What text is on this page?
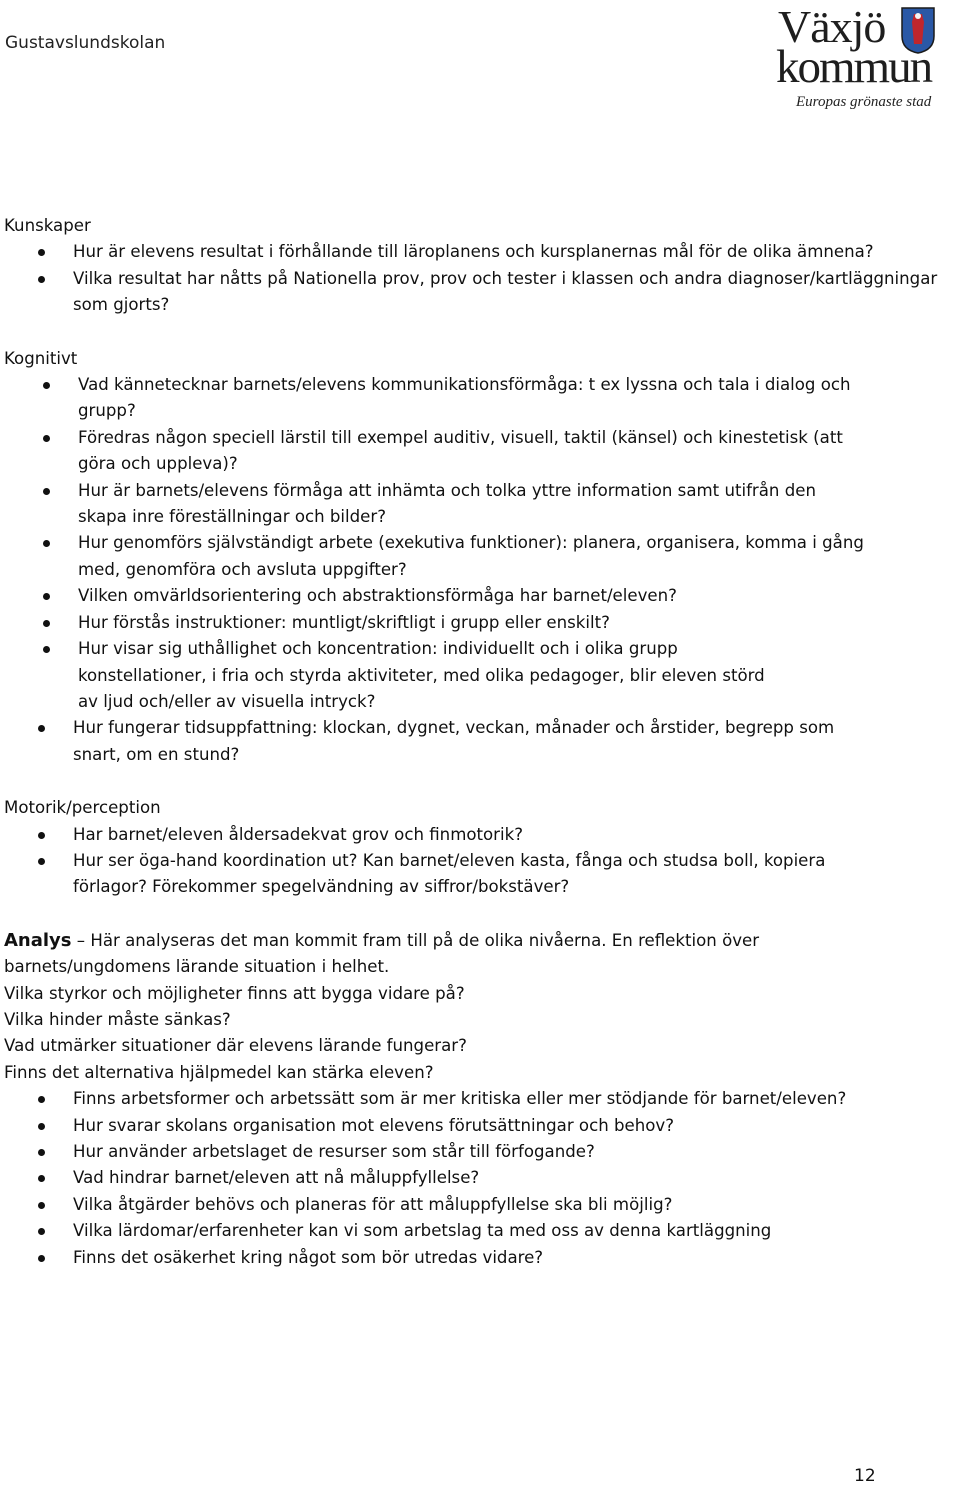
Gustavslundskolan	Växjö
kommun
Europas grönaste stad
Kunskaper
Hur är elevens resultat i förhållande till läroplanens och kursplanernas mål för de olika ämnena?
Vilka resultat har nåtts på Nationella prov, prov och tester i klassen och andra diagnoser/kartläggningar som gjorts?
Kognitivt
Vad kännetecknar barnets/elevens kommunikationsförmåga: t ex lyssna och tala i dialog och grupp?
Föredras någon speciell lärstil till exempel auditiv, visuell, taktil (känsel) och kinestetisk (att göra och uppleva)?
Hur är barnets/elevens förmåga att inhämta och tolka yttre information samt utifrån den skapa inre föreställningar och bilder?
Hur genomförs självständigt arbete (exekutiva funktioner): planera, organisera, komma i gång med, genomföra och avsluta uppgifter?
Vilken omvärldsorientering och abstraktionsförmåga har barnet/eleven?
Hur förstås instruktioner: muntligt/skriftligt i grupp eller enskilt?
Hur visar sig uthållighet och koncentration: individuellt och i olika grupp konstellationer, i fria och styrda aktiviteter, med olika pedagoger, blir eleven störd av ljud och/eller av visuella intryck?
Hur fungerar tidsuppfattning: klockan, dygnet, veckan, månader och årstider, begrepp som snart, om en stund?
Motorik/perception
Har barnet/eleven åldersadekvat grov och finmotorik?
Hur ser öga-hand koordination ut? Kan barnet/eleven kasta, fånga och studsa boll, kopiera förlagor? Förekommer spegelvändning av siffror/bokstäver?
Analys – Här analyseras det man kommit fram till på de olika nivåerna. En reflektion över barnets/ungdomens lärande situation i helhet.
Vilka styrkor och möjligheter finns att bygga vidare på?
Vilka hinder måste sänkas?
Vad utmärker situationer där elevens lärande fungerar?
Finns det alternativa hjälpmedel kan stärka eleven?
Finns arbetsformer och arbetssätt som är mer kritiska eller mer stödjande för barnet/eleven?
Hur svarar skolans organisation mot elevens förutsättningar och behov?
Hur använder arbetslaget de resurser som står till förfogande?
Vad hindrar barnet/eleven att nå måluppfyllelse?
Vilka åtgärder behövs och planeras för att måluppfyllelse ska bli möjlig?
Vilka lärdomar/erfarenheter kan vi som arbetslag ta med oss av denna kartläggning
Finns det osäkerhet kring något som bör utredas vidare?
12
